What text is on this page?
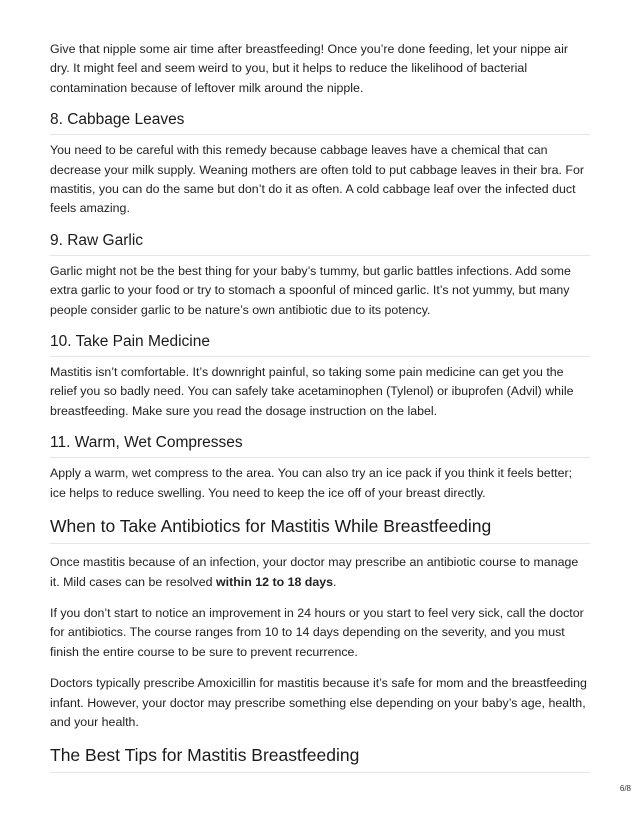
Give that nipple some air time after breastfeeding! Once you’re done feeding, let your nippe air dry. It might feel and seem weird to you, but it helps to reduce the likelihood of bacterial contamination because of leftover milk around the nipple.

8. Cabbage Leaves

You need to be careful with this remedy because cabbage leaves have a chemical that can decrease your milk supply. Weaning mothers are often told to put cabbage leaves in their bra. For mastitis, you can do the same but don’t do it as often. A cold cabbage leaf over the infected duct feels amazing.

9. Raw Garlic

Garlic might not be the best thing for your baby’s tummy, but garlic battles infections. Add some extra garlic to your food or try to stomach a spoonful of minced garlic. It’s not yummy, but many people consider garlic to be nature’s own antibiotic due to its potency.

10. Take Pain Medicine

Mastitis isn’t comfortable. It’s downright painful, so taking some pain medicine can get you the relief you so badly need. You can safely take acetaminophen (Tylenol) or ibuprofen (Advil) while breastfeeding. Make sure you read the dosage instruction on the label.

11. Warm, Wet Compresses

Apply a warm, wet compress to the area. You can also try an ice pack if you think it feels better; ice helps to reduce swelling. You need to keep the ice off of your breast directly.

When to Take Antibiotics for Mastitis While Breastfeeding

Once mastitis because of an infection, your doctor may prescribe an antibiotic course to manage it. Mild cases can be resolved within 12 to 18 days.

If you don’t start to notice an improvement in 24 hours or you start to feel very sick, call the doctor for antibiotics. The course ranges from 10 to 14 days depending on the severity, and you must finish the entire course to be sure to prevent recurrence.

Doctors typically prescribe Amoxicillin for mastitis because it’s safe for mom and the breastfeeding infant. However, your doctor may prescribe something else depending on your baby’s age, health, and your health.

The Best Tips for Mastitis Breastfeeding
6/8
